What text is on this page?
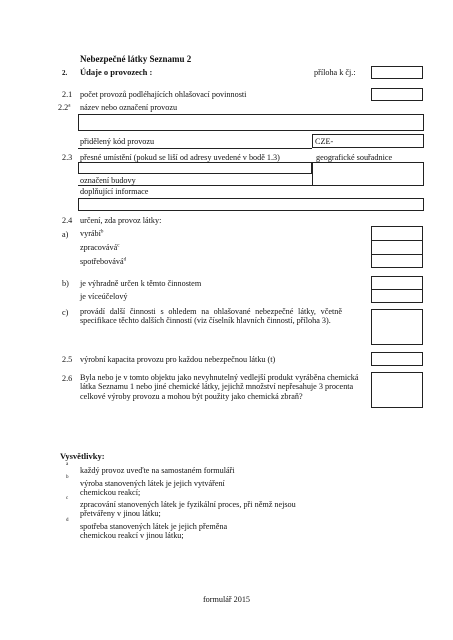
Nebezpečné látky Seznamu 2
2. Údaje o provozech :	příloha k čj.:
2.1 počet provozů podléhajících ohlašovací povinnosti
2.2$^a$ název nebo označení provozu
přidělený kód provozu	CZE-
2.3 přesné umístění (pokud se liší od adresy uvedené v bodě 1.3)	geografické souřadnice
označení budovy
doplňující informace
2.4 určení, zda provoz látky:
a) vyrábí$^b$
zpracovává$^c$
spotřebovává$^d$
b) je výhradně určen k těmto činnostem
je víceúčelový
c) provádí další činnosti s ohledem na ohlašované nebezpečné látky, včetně specifikace těchto dalších činností (viz číselník hlavních činností, příloha 3).
2.5 výrobní kapacita provozu pro každou nebezpečnou látku (t)
2.6 Byla nebo je v tomto objektu jako nevyhnutelný vedlejší produkt vyráběna chemická látka Seznamu 1 nebo jiné chemické látky, jejichž množství nepřesahuje 3 procenta celkové výroby provozu a mohou být použity jako chemická zbraň?
Vysvětlivky:
a
každý provoz uveďte na samostaném formuláři
b
výroba stanovených látek je jejich vytváření chemickou reakcí;
c
zpracování stanovených látek je fyzikální proces, při němž nejsou přetvářeny v jinou látku;
d
spotřeba stanovených látek je jejich přeměna chemickou reakcí v jinou látku;
formulář 2015
